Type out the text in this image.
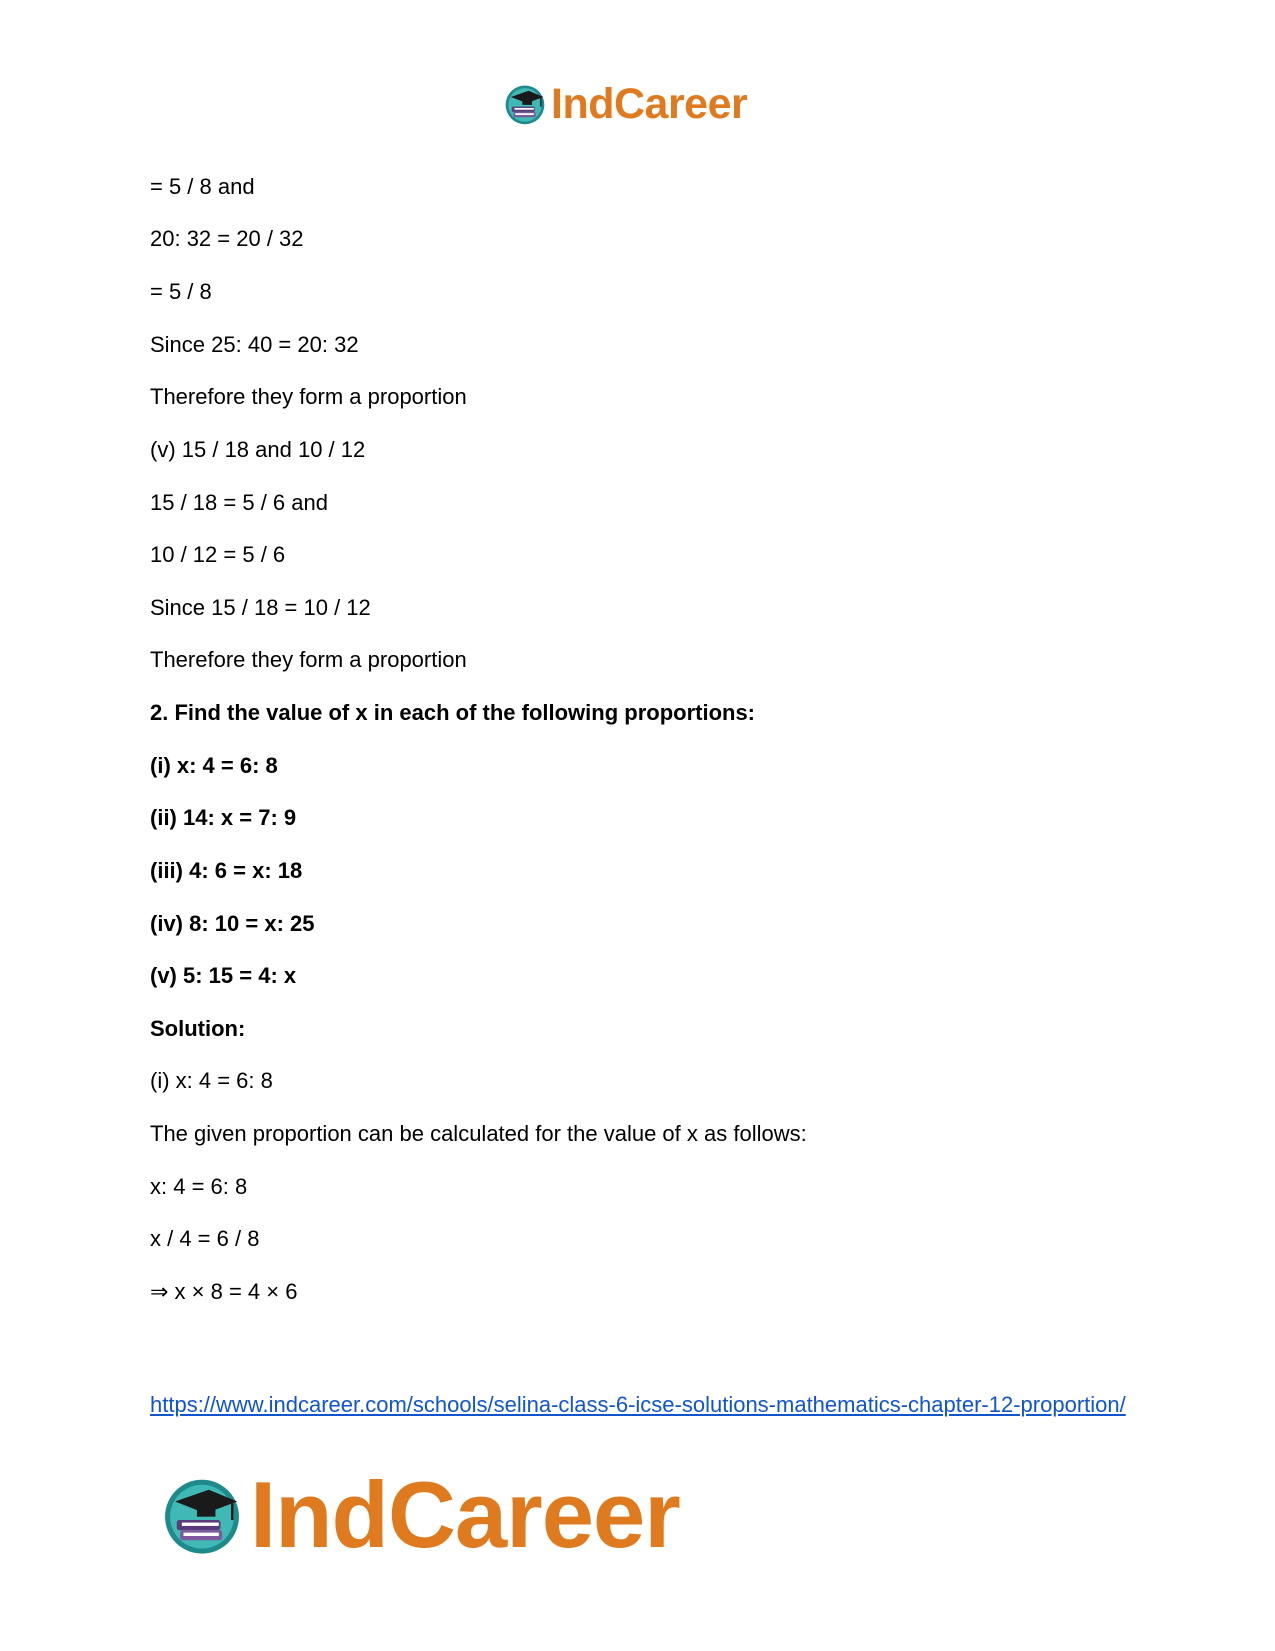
IndCareer
= 5 / 8 and
20: 32 = 20 / 32
= 5 / 8
Since 25: 40 = 20: 32
Therefore they form a proportion
(v) 15 / 18 and 10 / 12
15 / 18 = 5 / 6 and
10 / 12 = 5 / 6
Since 15 / 18 = 10 / 12
Therefore they form a proportion
2. Find the value of x in each of the following proportions:
(i) x: 4 = 6: 8
(ii) 14: x = 7: 9
(iii) 4: 6 = x: 18
(iv) 8: 10 = x: 25
(v) 5: 15 = 4: x
Solution:
(i) x: 4 = 6: 8
The given proportion can be calculated for the value of x as follows:
x: 4 = 6: 8
x / 4 = 6 / 8
⇒ x × 8 = 4 × 6
https://www.indcareer.com/schools/selina-class-6-icse-solutions-mathematics-chapter-12-proportion/
IndCareer
